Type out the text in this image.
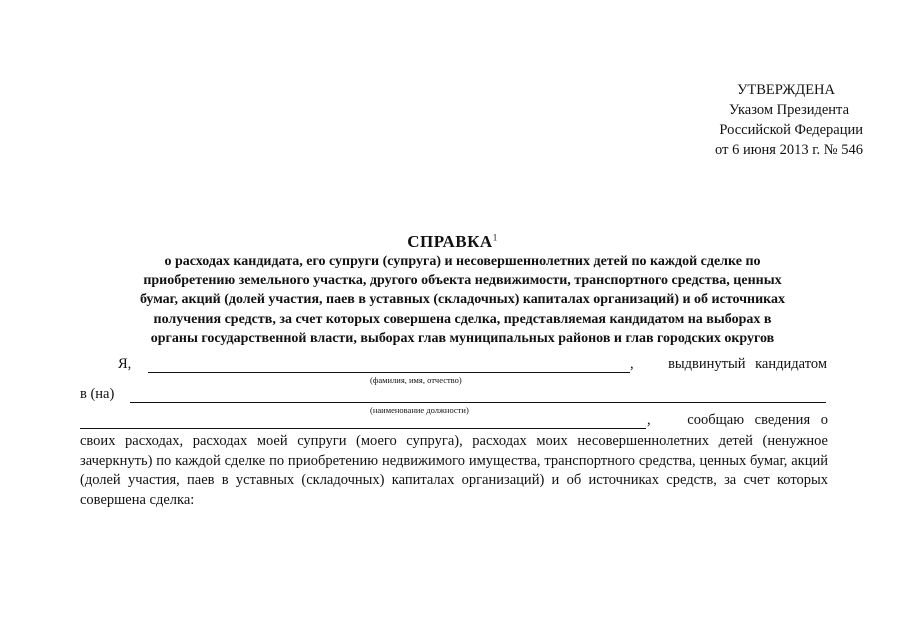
УТВЕРЖДЕНА
Указом Президента
Российской Федерации
от 6 июня 2013 г. № 546
СПРАВКА$^1$
о расходах кандидата, его супруги (супруга) и несовершеннолетних детей по каждой сделке по
приобретению земельного участка, другого объекта недвижимости, транспортного средства, ценных
бумаг, акций (долей участия, паев в уставных (складочных) капиталах организаций) и об источниках
получения средств, за счет которых совершена сделка, представляемая кандидатом на выборах в
органы государственной власти, выборах глав муниципальных районов и глав городских округов
Я,	,	выдвинутый кандидатом
(фамилия, имя, отчество)
в (на)
(наименование должности)
,	сообщаю сведения о
своих расходах, расходах моей супруги (моего супруга), расходах моих несовершеннолетних детей (ненужное зачеркнуть) по каждой сделке по приобретению недвижимого имущества, транспортного средства, ценных бумаг, акций (долей участия, паев в уставных (складочных) капиталах организаций) и об источниках средств, за счет которых совершена сделка:
